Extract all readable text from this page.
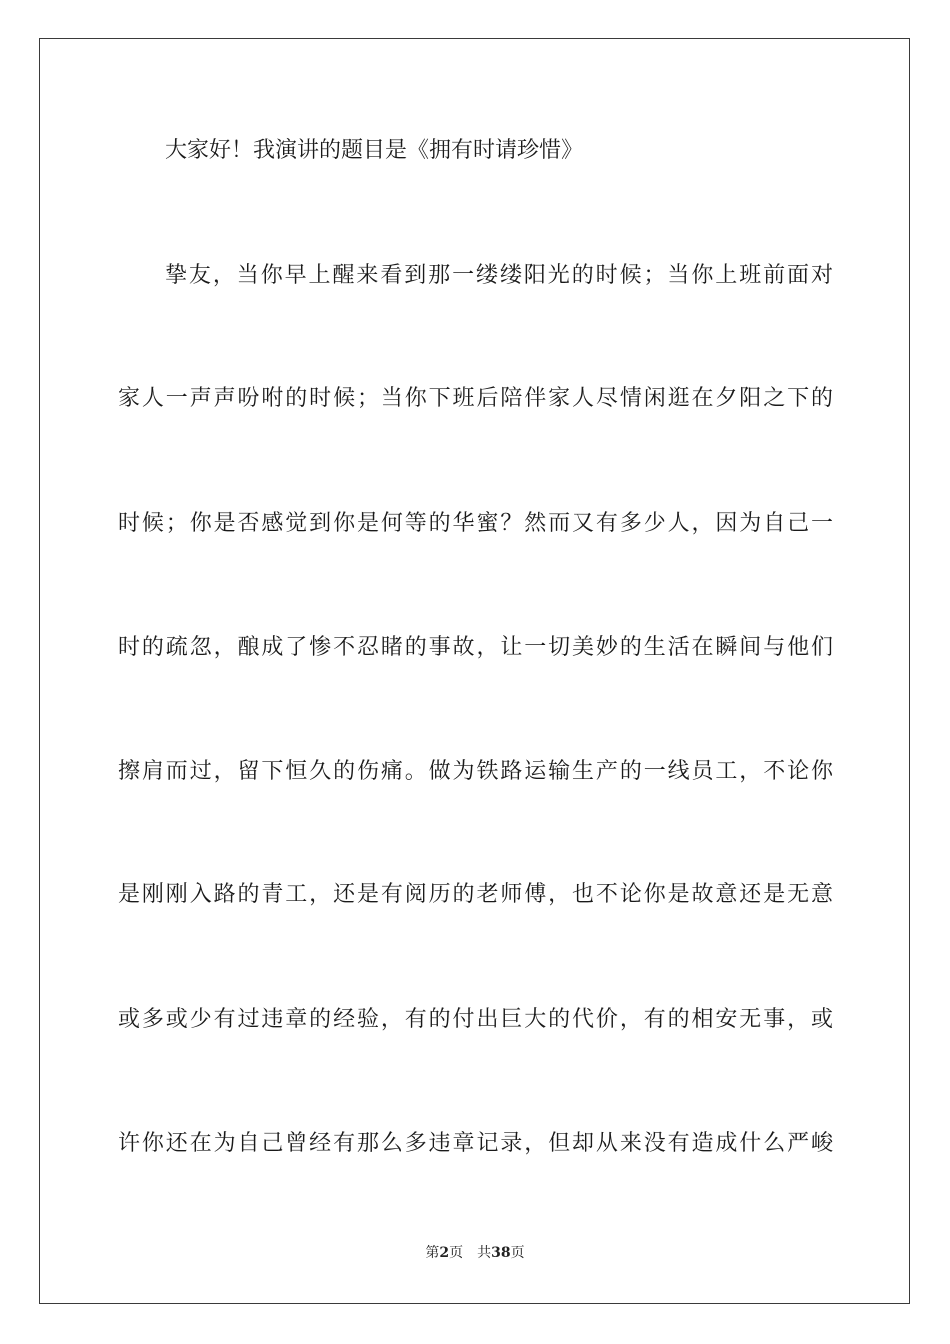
大家好！我演讲的题目是《拥有时请珍惜》
挚友，当你早上醒来看到那一缕缕阳光的时候；当你上班前面对
家人一声声吩咐的时候；当你下班后陪伴家人尽情闲逛在夕阳之下的
时候；你是否感觉到你是何等的华蜜？然而又有多少人，因为自己一
时的疏忽，酿成了惨不忍睹的事故，让一切美妙的生活在瞬间与他们
擦肩而过，留下恒久的伤痛。做为铁路运输生产的一线员工，不论你
是刚刚入路的青工，还是有阅历的老师傅，也不论你是故意还是无意
或多或少有过违章的经验，有的付出巨大的代价，有的相安无事，或
许你还在为自己曾经有那么多违章记录，但却从来没有造成什么严峻
第2页 共38页
